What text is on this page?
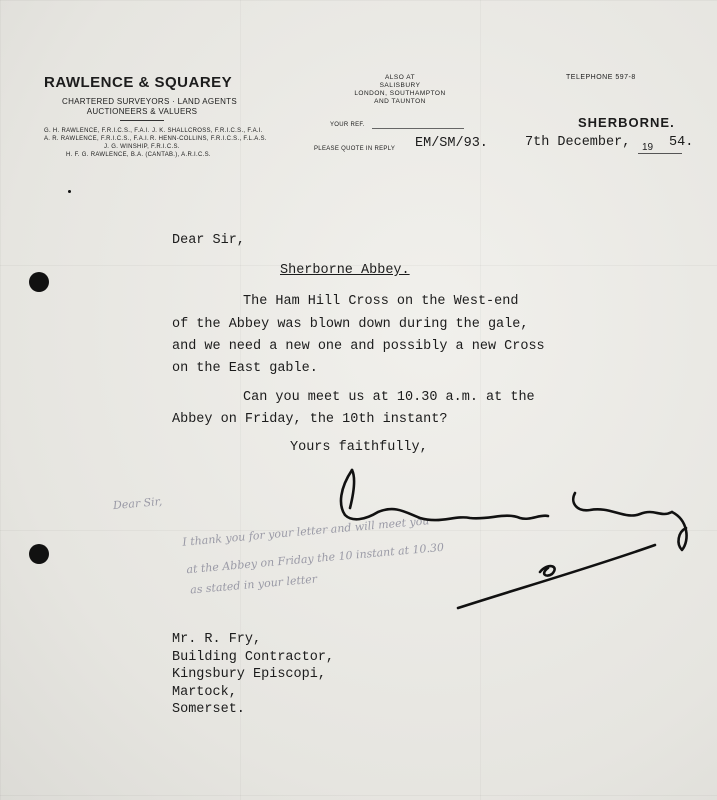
RAWLENCE & SQUAREY
CHARTERED SURVEYORS · LAND AGENTS
AUCTIONEERS & VALUERS
G. H. RAWLENCE, F.R.I.C.S., F.A.I. J. K. SHALLCROSS, F.R.I.C.S., F.A.I.
A. R. RAWLENCE, F.R.I.C.S., F.A.I. R. HENN-COLLINS, F.R.I.C.S., F.L.A.S.
J. G. WINSHIP, F.R.I.C.S.
H. F. G. RAWLENCE, B.A. (CANTAB.), A.R.I.C.S.
ALSO AT
SALISBURY
LONDON, SOUTHAMPTON
AND TAUNTON
YOUR REF.
PLEASE QUOTE IN REPLY EM/SM/93.
TELEPHONE 597-8
SHERBORNE.
7th December, 19 54.
Dear Sir,
Sherborne Abbey.
The Ham Hill Cross on the West-end
of the Abbey was blown down during the gale,
and we need a new one and possibly a new Cross
on the East gable.
Can you meet us at 10.30 a.m. at the
Abbey on Friday, the 10th instant?
Yours faithfully,
Dear Sir,
I thank you for your letter and will meet you
at the Abbey on Friday the 10 instant at 10.30
as stated in your letter
Mr. R. Fry,
Building Contractor,
Kingsbury Episcopi,
Martock,
Somerset.
